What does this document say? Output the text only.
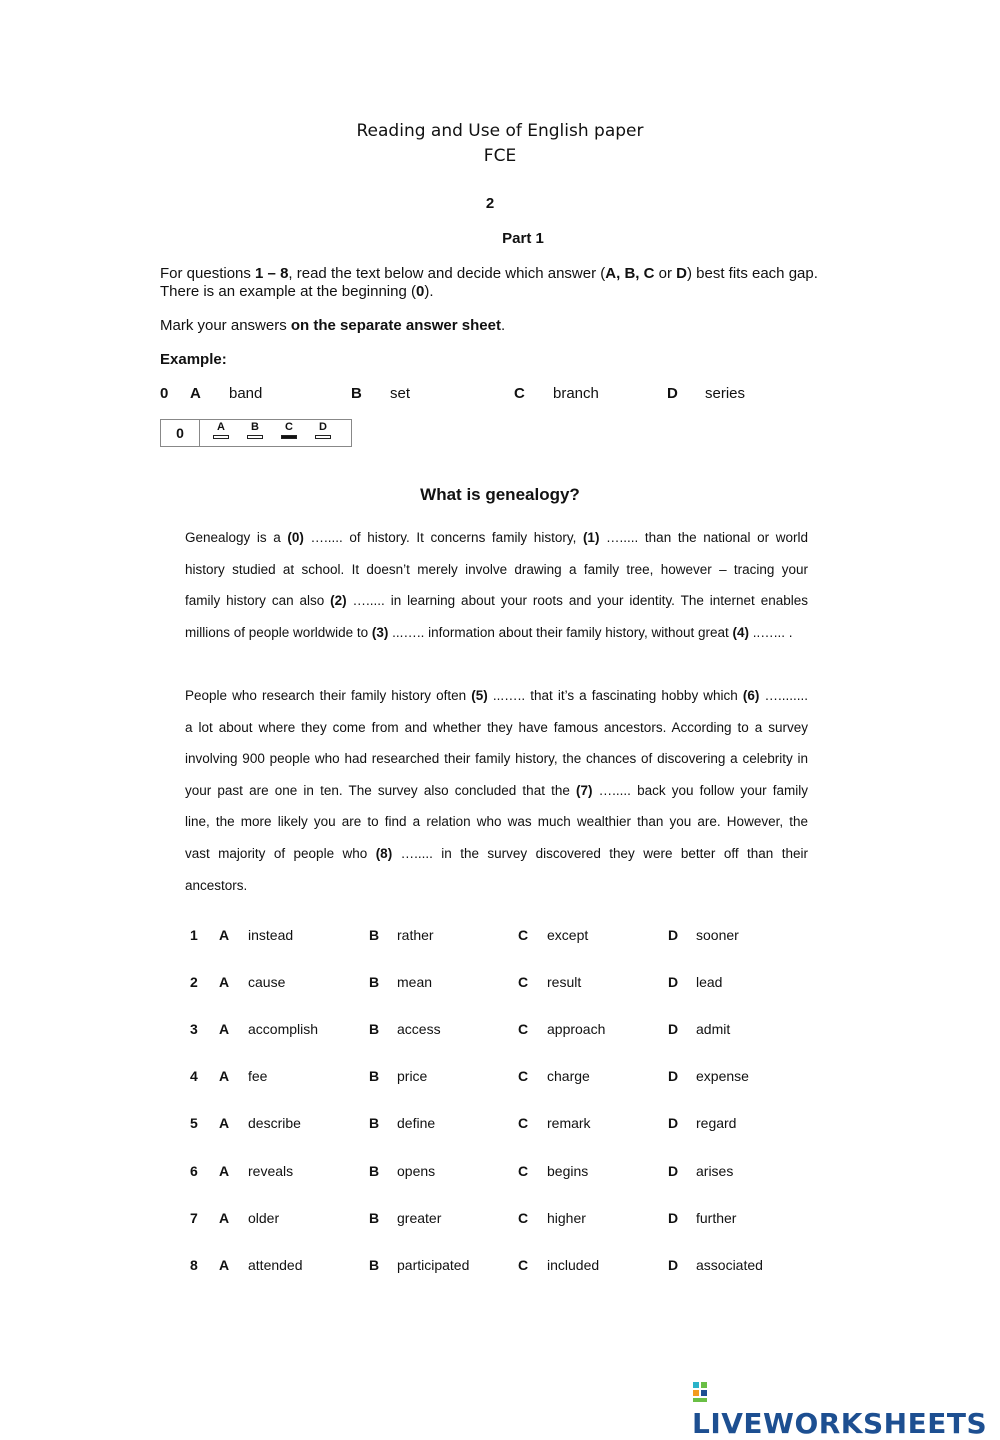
Reading and Use of English paper
FCE
2
Part 1
For questions 1 – 8, read the text below and decide which answer (A, B, C or D) best fits each gap.
There is an example at the beginning (0).
Mark your answers on the separate answer sheet.
Example:
0 A band	B set	C branch	D series
0	A	B	C	D
What is genealogy?
Genealogy is a (0) …..... of history. It concerns family history, (1) …..... than the national or world
history studied at school. It doesn’t merely involve drawing a family tree, however – tracing your
family history can also (2) …..... in learning about your roots and your identity. The internet enables
millions of people worldwide to (3) ...….. information about their family history, without great (4) ..…... .
People who research their family history often (5) ...….. that it’s a fascinating hobby which (6) …........
a lot about where they come from and whether they have famous ancestors. According to a survey
involving 900 people who had researched their family history, the chances of discovering a celebrity in
your past are one in ten. The survey also concluded that the (7) …..... back you follow your family
line, the more likely you are to find a relation who was much wealthier than you are. However, the
vast majority of people who (8) …..... in the survey discovered they were better off than their
ancestors.
1 A instead	B rather	C except	D sooner
2 A cause	B mean	C result	D lead
3 A accomplish	B access	C approach	D admit
4 A fee	B price	C charge	D expense
5 A describe	B define	C remark	D regard
6 A reveals	B opens	C begins	D arises
7 A older	B greater	C higher	D further
8 A attended	B participated	C included	D associated
LIVEWORKSHEETS
